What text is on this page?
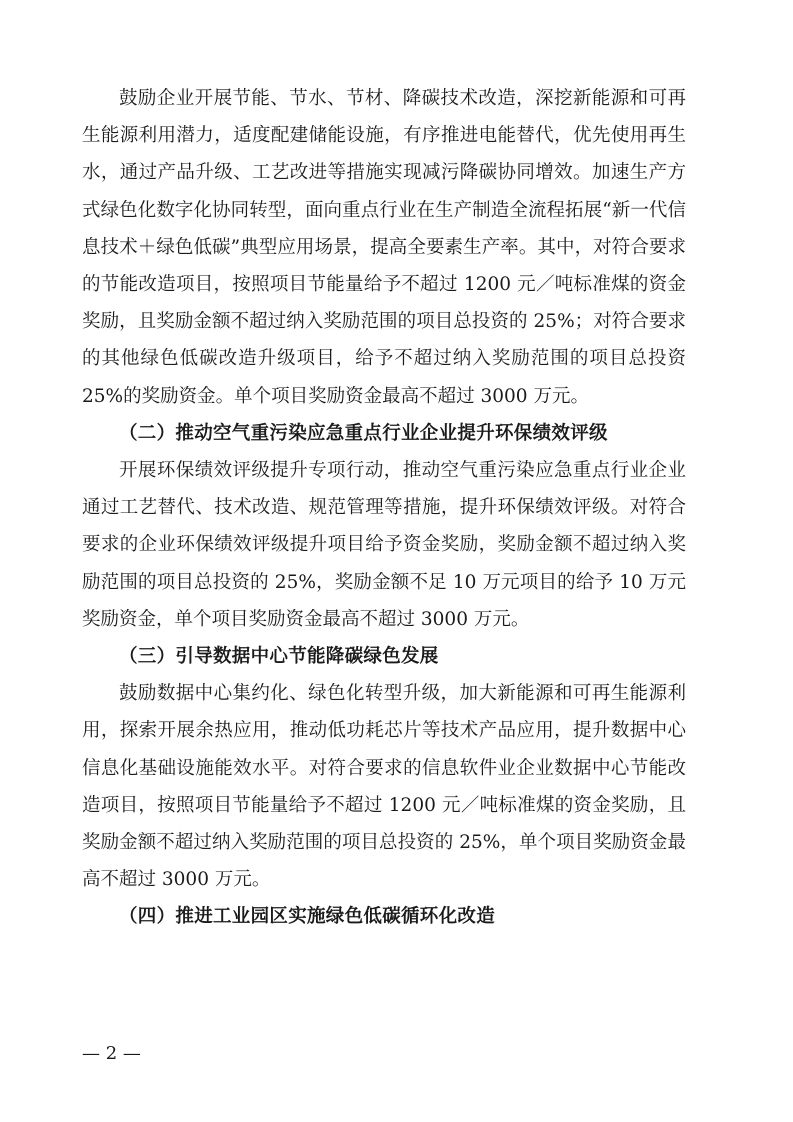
鼓励企业开展节能、节水、节材、降碳技术改造，深挖新能源和可再生能源利用潜力，适度配建储能设施，有序推进电能替代，优先使用再生水，通过产品升级、工艺改进等措施实现减污降碳协同增效。加速生产方式绿色化数字化协同转型，面向重点行业在生产制造全流程拓展“新一代信息技术＋绿色低碳”典型应用场景，提高全要素生产率。其中，对符合要求的节能改造项目，按照项目节能量给予不超过 1200 元／吨标准煤的资金奖励，且奖励金额不超过纳入奖励范围的项目总投资的 25%；对符合要求的其他绿色低碳改造升级项目，给予不超过纳入奖励范围的项目总投资 25%的奖励资金。单个项目奖励资金最高不超过 3000 万元。

（二）推动空气重污染应急重点行业企业提升环保绩效评级

开展环保绩效评级提升专项行动，推动空气重污染应急重点行业企业通过工艺替代、技术改造、规范管理等措施，提升环保绩效评级。对符合要求的企业环保绩效评级提升项目给予资金奖励，奖励金额不超过纳入奖励范围的项目总投资的 25%，奖励金额不足 10 万元项目的给予 10 万元奖励资金，单个项目奖励资金最高不超过 3000 万元。

（三）引导数据中心节能降碳绿色发展

鼓励数据中心集约化、绿色化转型升级，加大新能源和可再生能源利用，探索开展余热应用，推动低功耗芯片等技术产品应用，提升数据中心信息化基础设施能效水平。对符合要求的信息软件业企业数据中心节能改造项目，按照项目节能量给予不超过 1200 元／吨标准煤的资金奖励，且奖励金额不超过纳入奖励范围的项目总投资的 25%，单个项目奖励资金最高不超过 3000 万元。

（四）推进工业园区实施绿色低碳循环化改造

— 2 —
